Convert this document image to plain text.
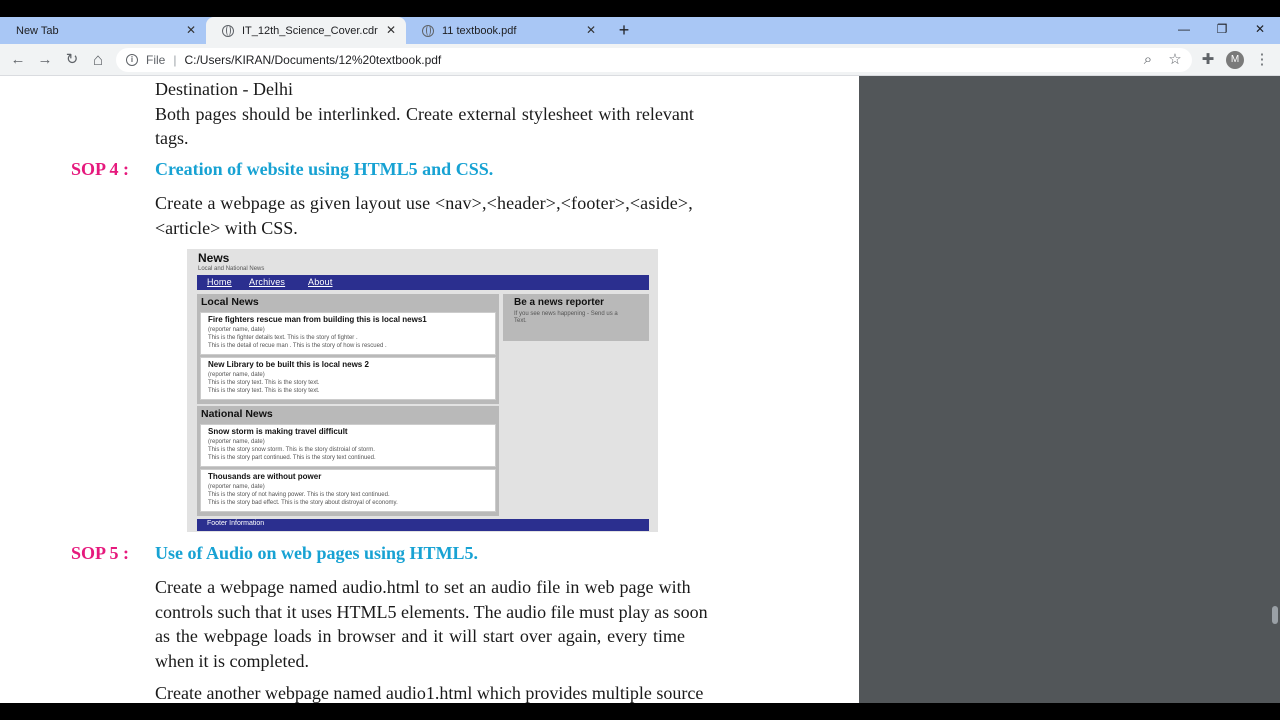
New Tab	✕	IT_12th_Science_Cover.cdr ✕	11 textbook.pdf	✕ +	—	❐	✕
← → ↻ ⌂	i	File | C:/Users/KIRAN/Documents/12%20textbook.pdf	⌕	☆ ✚	M	⋮
Destination - Delhi
Both pages should be interlinked. Create external stylesheet with relevant
tags.
SOP 4 : Creation of website using HTML5 and CSS.
Create a webpage as given layout use <nav>,<header>,<footer>,<aside>,
<article> with CSS.
News
Local and National News
Home Archives	About
Local News
Fire fighters rescue man from building this is local news1
(reporter name, date)
This is the fighter details text. This is the story of fighter .
This is the detail of recue man . This is the story of how is rescued .
New Library to be built this is local news 2
(reporter name, date)
This is the story text. This is the story text.
This is the story text. This is the story text.
National News
Snow storm is making travel difficult
(reporter name, date)
This is the story snow storm. This is the story distroial of storm.
This is the story part continued. This is the story text continued.
Thousands are without power
(reporter name, date)
This is the story of not having power. This is the story text continued.
This is the story bad effect. This is the story about distroyal of economy.
Be a news reporter
If you see news happening - Send us a
Text.
Footer Information
SOP 5 : Use of Audio on web pages using HTML5.
Create a webpage named audio.html to set an audio file in web page with
controls such that it uses HTML5 elements. The audio file must play as soon
as the webpage loads in browser and it will start over again, every time
when it is completed.
Create another webpage named audio1.html which provides multiple source
